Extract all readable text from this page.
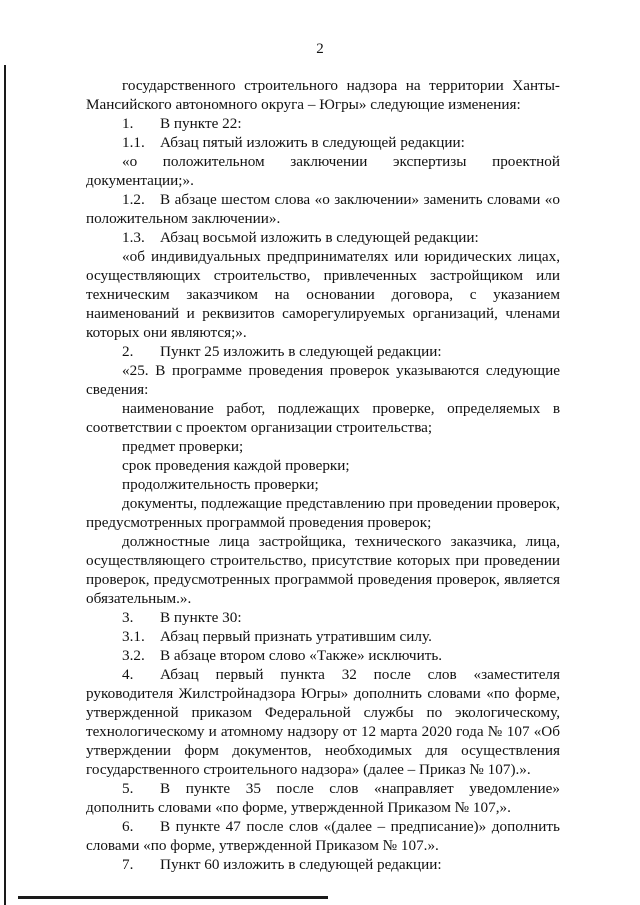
2

государственного строительного надзора на территории Ханты-Мансийского автономного округа – Югры» следующие изменения:

1. В пункте 22:

1.1. Абзац пятый изложить в следующей редакции:

«о положительном заключении экспертизы проектной документации;».

1.2. В абзаце шестом слова «о заключении» заменить словами «о положительном заключении».

1.3. Абзац восьмой изложить в следующей редакции:

«об индивидуальных предпринимателях или юридических лицах, осуществляющих строительство, привлеченных застройщиком или техническим заказчиком на основании договора, с указанием наименований и реквизитов саморегулируемых организаций, членами которых они являются;».

2. Пункт 25 изложить в следующей редакции:

«25. В программе проведения проверок указываются следующие сведения:

наименование работ, подлежащих проверке, определяемых в соответствии с проектом организации строительства;

предмет проверки;

срок проведения каждой проверки;

продолжительность проверки;

документы, подлежащие представлению при проведении проверок, предусмотренных программой проведения проверок;

должностные лица застройщика, технического заказчика, лица, осуществляющего строительство, присутствие которых при проведении проверок, предусмотренных программой проведения проверок, является обязательным.».

3. В пункте 30:

3.1. Абзац первый признать утратившим силу.

3.2. В абзаце втором слово «Также» исключить.

4. Абзац первый пункта 32 после слов «заместителя руководителя Жилстройнадзора Югры» дополнить словами «по форме, утвержденной приказом Федеральной службы по экологическому, технологическому и атомному надзору от 12 марта 2020 года № 107 «Об утверждении форм документов, необходимых для осуществления государственного строительного надзора» (далее – Приказ № 107).».

5. В пункте 35 после слов «направляет уведомление» дополнить словами «по форме, утвержденной Приказом № 107,».

6. В пункте 47 после слов «(далее – предписание)» дополнить словами «по форме, утвержденной Приказом № 107.».

7. Пункт 60 изложить в следующей редакции:
